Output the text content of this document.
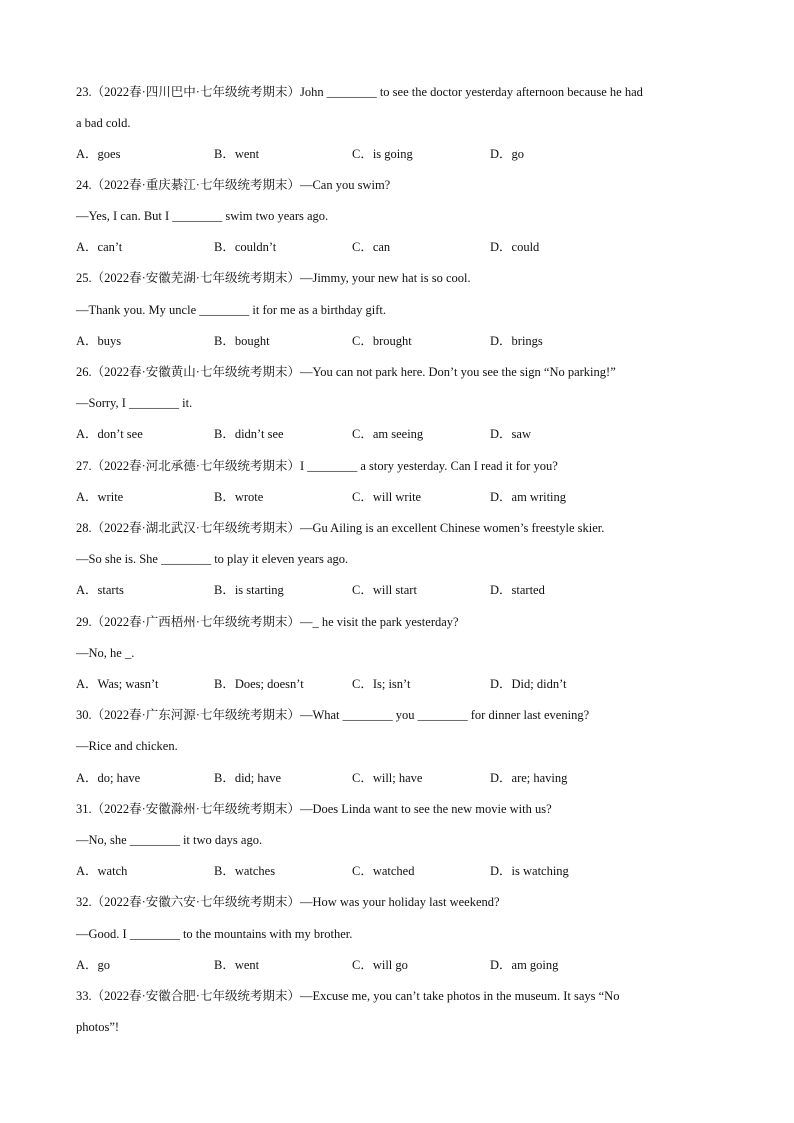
23.（2022春·四川巴中·七年级统考期末）John ________ to see the doctor yesterday afternoon because he had
a bad cold.
A．goes	B．went	C．is going	D．go
24.（2022春·重庆綦江·七年级统考期末）—Can you swim?
—Yes, I can. But I ________ swim two years ago.
A．can’t	B．couldn’t	C．can	D．could
25.（2022春·安徽芜湖·七年级统考期末）—Jimmy, your new hat is so cool.
—Thank you. My uncle ________ it for me as a birthday gift.
A．buys	B．bought	C．brought	D．brings
26.（2022春·安徽黄山·七年级统考期末）—You can not park here. Don’t you see the sign “No parking!”
—Sorry, I ________ it.
A．don’t see	B．didn’t see	C．am seeing	D．saw
27.（2022春·河北承德·七年级统考期末）I ________ a story yesterday. Can I read it for you?
A．write	B．wrote	C．will write	D．am writing
28.（2022春·湖北武汉·七年级统考期末）—Gu Ailing is an excellent Chinese women’s freestyle skier.
—So she is. She ________ to play it eleven years ago.
A．starts	B．is starting	C．will start	D．started
29.（2022春·广西梧州·七年级统考期末）—_ he visit the park yesterday?
—No, he _.
A．Was; wasn’t	B．Does; doesn’t	C．Is; isn’t	D．Did; didn’t
30.（2022春·广东河源·七年级统考期末）—What ________ you ________ for dinner last evening?
—Rice and chicken.
A．do; have	B．did; have	C．will; have	D．are; having
31.（2022春·安徽滁州·七年级统考期末）—Does Linda want to see the new movie with us?
—No, she ________ it two days ago.
A．watch	B．watches	C．watched	D．is watching
32.（2022春·安徽六安·七年级统考期末）—How was your holiday last weekend?
—Good. I ________ to the mountains with my brother.
A．go	B．went	C．will go	D．am going
33.（2022春·安徽合肥·七年级统考期末）—Excuse me, you can’t take photos in the museum. It says “No
photos”!
